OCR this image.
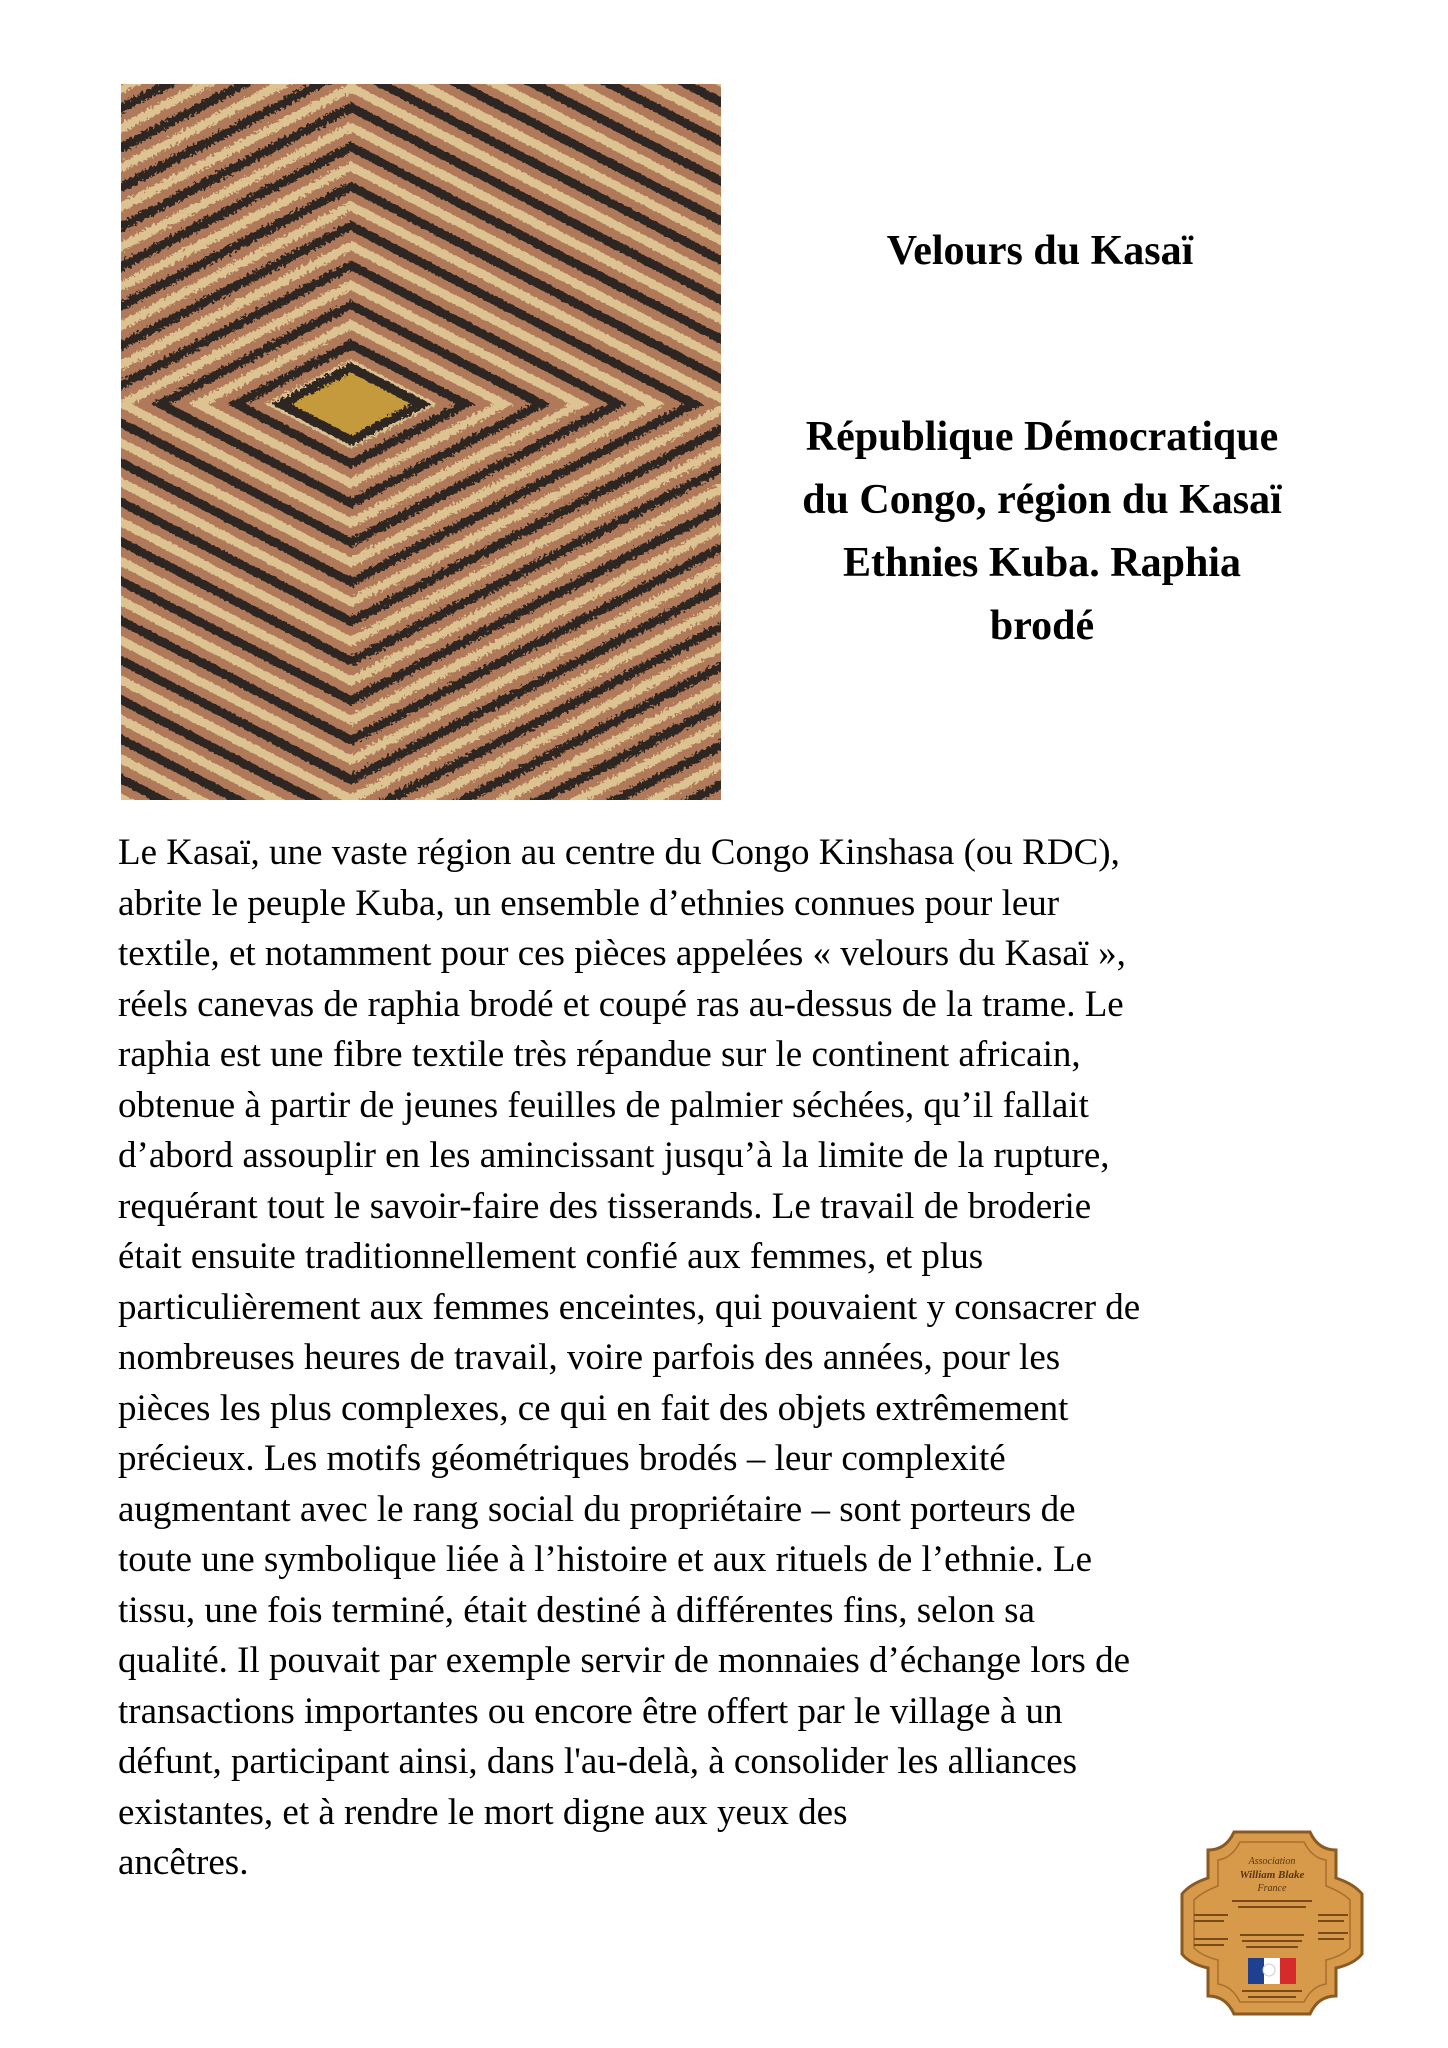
Velours du Kasaï
République Démocratique
du Congo, région du Kasaï
Ethnies Kuba. Raphia
brodé
Le Kasaï, une vaste région au centre du Congo Kinshasa (ou RDC),
abrite le peuple Kuba, un ensemble d’ethnies connues pour leur
textile, et notamment pour ces pièces appelées « velours du Kasaï »,
réels canevas de raphia brodé et coupé ras au-dessus de la trame. Le
raphia est une fibre textile très répandue sur le continent africain,
obtenue à partir de jeunes feuilles de palmier séchées, qu’il fallait
d’abord assouplir en les amincissant jusqu’à la limite de la rupture,
requérant tout le savoir-faire des tisserands. Le travail de broderie
était ensuite traditionnellement confié aux femmes, et plus
particulièrement aux femmes enceintes, qui pouvaient y consacrer de
nombreuses heures de travail, voire parfois des années, pour les
pièces les plus complexes, ce qui en fait des objets extrêmement
précieux. Les motifs géométriques brodés – leur complexité
augmentant avec le rang social du propriétaire – sont porteurs de
toute une symbolique liée à l’histoire et aux rituels de l’ethnie. Le
tissu, une fois terminé, était destiné à différentes fins, selon sa
qualité. Il pouvait par exemple servir de monnaies d’échange lors de
transactions importantes ou encore être offert par le village à un
défunt, participant ainsi, dans l'au-delà, à consolider les alliances
existantes, et à rendre le mort digne aux yeux des
ancêtres.	Association
William Blake
France
